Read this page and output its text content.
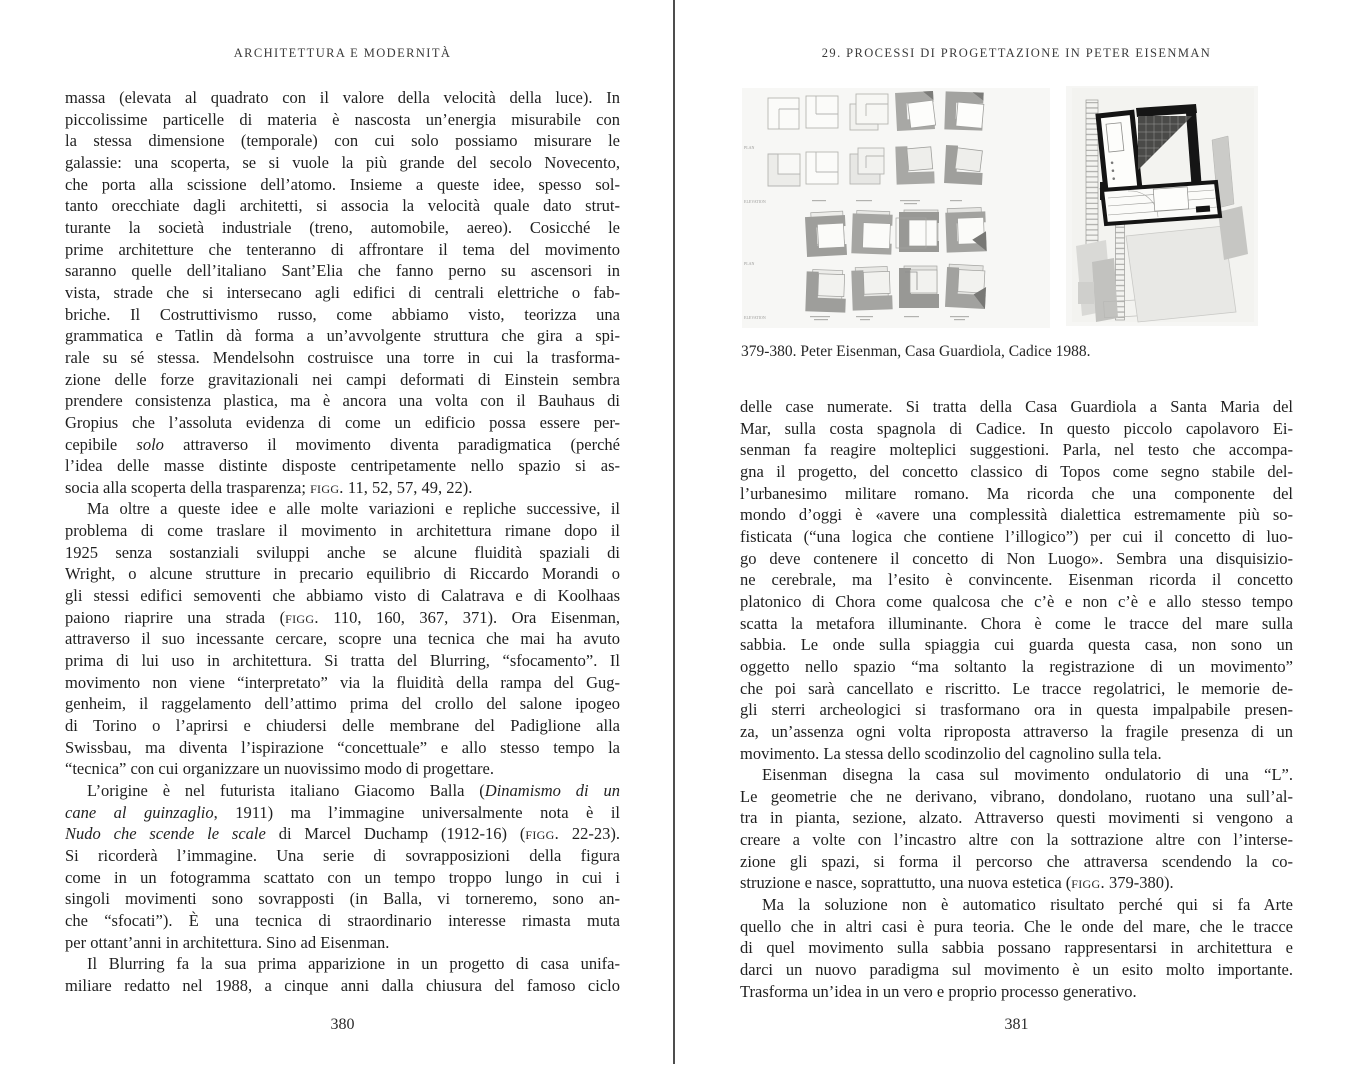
ARCHITETTURA E MODERNITÀ
massa (elevata al quadrato con il valore della velocità della luce). In
piccolissime particelle di materia è nascosta un’energia misurabile con
la stessa dimensione (temporale) con cui solo possiamo misurare le
galassie: una scoperta, se si vuole la più grande del secolo Novecento,
che porta alla scissione dell’atomo. Insieme a queste idee, spesso sol-
tanto orecchiate dagli architetti, si associa la velocità quale dato strut-
turante la società industriale (treno, automobile, aereo). Cosicché le
prime architetture che tenteranno di affrontare il tema del movimento
saranno quelle dell’italiano Sant’Elia che fanno perno su ascensori in
vista, strade che si intersecano agli edifici di centrali elettriche o fab-
briche. Il Costruttivismo russo, come abbiamo visto, teorizza una
grammatica e Tatlin dà forma a un’avvolgente struttura che gira a spi-
rale su sé stessa. Mendelsohn costruisce una torre in cui la trasforma-
zione delle forze gravitazionali nei campi deformati di Einstein sembra
prendere consistenza plastica, ma è ancora una volta con il Bauhaus di
Gropius che l’assoluta evidenza di come un edificio possa essere per-
cepibile solo attraverso il movimento diventa paradigmatica (perché
l’idea delle masse distinte disposte centripetamente nello spazio si as-
socia alla scoperta della trasparenza; figg. 11, 52, 57, 49, 22).
Ma oltre a queste idee e alle molte variazioni e repliche successive, il
problema di come traslare il movimento in architettura rimane dopo il
1925 senza sostanziali sviluppi anche se alcune fluidità spaziali di
Wright, o alcune strutture in precario equilibrio di Riccardo Morandi o
gli stessi edifici semoventi che abbiamo visto di Calatrava e di Koolhaas
paiono riaprire una strada (figg. 110, 160, 367, 371). Ora Eisenman,
attraverso il suo incessante cercare, scopre una tecnica che mai ha avuto
prima di lui uso in architettura. Si tratta del Blurring, “sfocamento”. Il
movimento non viene “interpretato” via la fluidità della rampa del Gug-
genheim, il raggelamento dell’attimo prima del crollo del salone ipogeo
di Torino o l’aprirsi e chiudersi delle membrane del Padiglione alla
Swissbau, ma diventa l’ispirazione “concettuale” e allo stesso tempo la
“tecnica” con cui organizzare un nuovissimo modo di progettare.
L’origine è nel futurista italiano Giacomo Balla (Dinamismo di un
cane al guinzaglio, 1911) ma l’immagine universalmente nota è il
Nudo che scende le scale di Marcel Duchamp (1912-16) (figg. 22-23).
Si ricorderà l’immagine. Una serie di sovrapposizioni della figura
come in un fotogramma scattato con un tempo troppo lungo in cui i
singoli movimenti sono sovrapposti (in Balla, vi torneremo, sono an-
che “sfocati”). È una tecnica di straordinario interesse rimasta muta
per ottant’anni in architettura. Sino ad Eisenman.
Il Blurring fa la sua prima apparizione in un progetto di casa unifa-
miliare redatto nel 1988, a cinque anni dalla chiusura del famoso ciclo
380
29. PROCESSI DI PROGETTAZIONE IN PETER EISENMAN
PLAN
ELEVATION
PLAN
ELEVATION
379-380. Peter Eisenman, Casa Guardiola, Cadice 1988.
delle case numerate. Si tratta della Casa Guardiola a Santa Maria del
Mar, sulla costa spagnola di Cadice. In questo piccolo capolavoro Ei-
senman fa reagire molteplici suggestioni. Parla, nel testo che accompa-
gna il progetto, del concetto classico di Topos come segno stabile del-
l’urbanesimo militare romano. Ma ricorda che una componente del
mondo d’oggi è «avere una complessità dialettica estremamente più so-
fisticata (“una logica che contiene l’illogico”) per cui il concetto di luo-
go deve contenere il concetto di Non Luogo». Sembra una disquisizio-
ne cerebrale, ma l’esito è convincente. Eisenman ricorda il concetto
platonico di Chora come qualcosa che c’è e non c’è e allo stesso tempo
scatta la metafora illuminante. Chora è come le tracce del mare sulla
sabbia. Le onde sulla spiaggia cui guarda questa casa, non sono un
oggetto nello spazio “ma soltanto la registrazione di un movimento”
che poi sarà cancellato e riscritto. Le tracce regolatrici, le memorie de-
gli sterri archeologici si trasformano ora in questa impalpabile presen-
za, un’assenza ogni volta riproposta attraverso la fragile presenza di un
movimento. La stessa dello scodinzolio del cagnolino sulla tela.
Eisenman disegna la casa sul movimento ondulatorio di una “L”.
Le geometrie che ne derivano, vibrano, dondolano, ruotano una sull’al-
tra in pianta, sezione, alzato. Attraverso questi movimenti si vengono a
creare a volte con l’incastro altre con la sottrazione altre con l’interse-
zione gli spazi, si forma il percorso che attraversa scendendo la co-
struzione e nasce, soprattutto, una nuova estetica (figg. 379-380).
Ma la soluzione non è automatico risultato perché qui si fa Arte
quello che in altri casi è pura teoria. Che le onde del mare, che le tracce
di quel movimento sulla sabbia possano rappresentarsi in architettura e
darci un nuovo paradigma sul movimento è un esito molto importante.
Trasforma un’idea in un vero e proprio processo generativo.
381
